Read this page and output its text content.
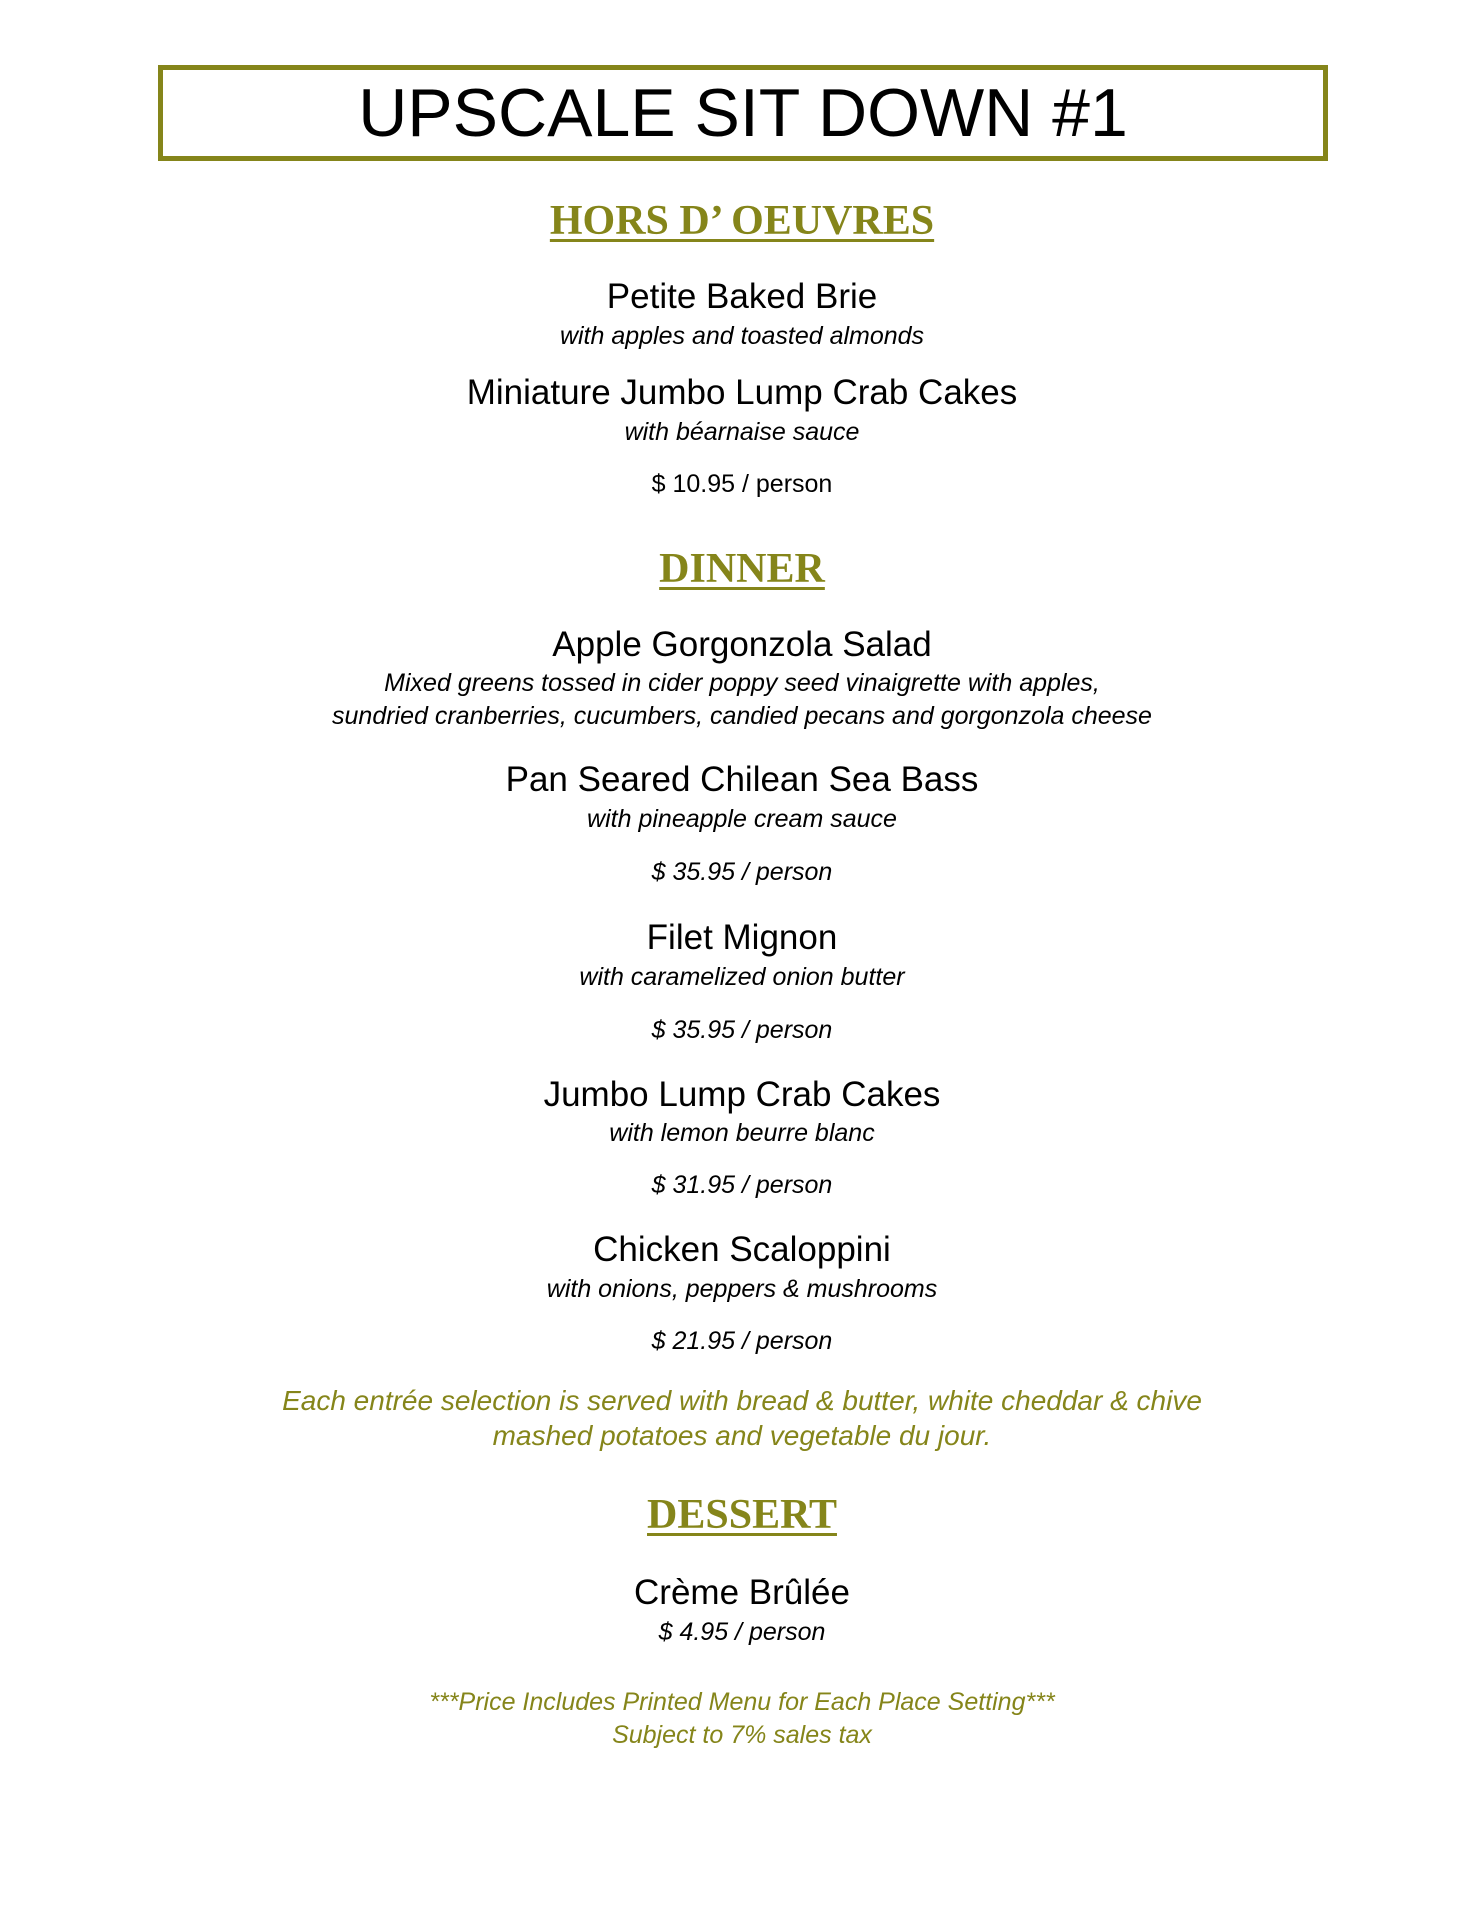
UPSCALE SIT DOWN #1
HORS D’ OEUVRES
Petite Baked Brie
with apples and toasted almonds
Miniature Jumbo Lump Crab Cakes
with béarnaise sauce
$ 10.95 / person
DINNER
Apple Gorgonzola Salad
Mixed greens tossed in cider poppy seed vinaigrette with apples,
sundried cranberries, cucumbers, candied pecans and gorgonzola cheese
Pan Seared Chilean Sea Bass
with pineapple cream sauce
$ 35.95 / person
Filet Mignon
with caramelized onion butter
$ 35.95 / person
Jumbo Lump Crab Cakes
with lemon beurre blanc
$ 31.95 / person
Chicken Scaloppini
with onions, peppers & mushrooms
$ 21.95 / person
Each entrée selection is served with bread & butter, white cheddar & chive
mashed potatoes and vegetable du jour.
DESSERT
Crème Brûlée
$ 4.95 / person
***Price Includes Printed Menu for Each Place Setting***
Subject to 7% sales tax
